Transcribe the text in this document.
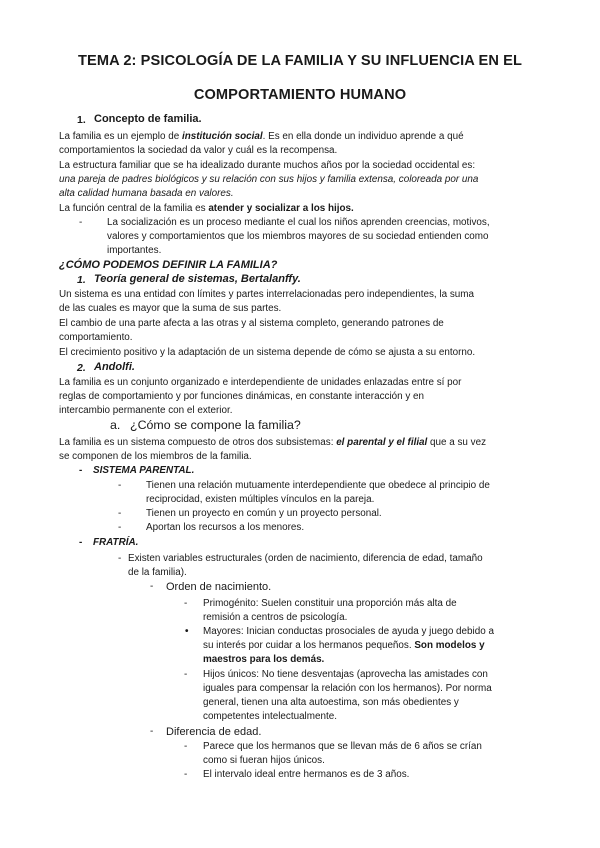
TEMA 2: PSICOLOGÍA DE LA FAMILIA Y SU INFLUENCIA EN EL
COMPORTAMIENTO HUMANO
1. Concepto de familia.
La familia es un ejemplo de institución social. Es en ella donde un individuo aprende a qué
comportamientos la sociedad da valor y cuál es la recompensa.
La estructura familiar que se ha idealizado durante muchos años por la sociedad occidental es:
una pareja de padres biológicos y su relación con sus hijos y familia extensa, coloreada por una
alta calidad humana basada en valores.
La función central de la familia es atender y socializar a los hijos.
- La socialización es un proceso mediante el cual los niños aprenden creencias, motivos,
valores y comportamientos que los miembros mayores de su sociedad entienden como
importantes.
¿CÓMO PODEMOS DEFINIR LA FAMILIA?
1. Teoría general de sistemas, Bertalanffy.
Un sistema es una entidad con límites y partes interrelacionadas pero independientes, la suma
de las cuales es mayor que la suma de sus partes.
El cambio de una parte afecta a las otras y al sistema completo, generando patrones de
comportamiento.
El crecimiento positivo y la adaptación de un sistema depende de cómo se ajusta a su entorno.
2. Andolfi.
La familia es un conjunto organizado e interdependiente de unidades enlazadas entre sí por
reglas de comportamiento y por funciones dinámicas, en constante interacción y en
intercambio permanente con el exterior.
a. ¿Cómo se compone la familia?
La familia es un sistema compuesto de otros dos subsistemas: el parental y el filial que a su vez
se componen de los miembros de la familia.
- SISTEMA PARENTAL.
- Tienen una relación mutuamente interdependiente que obedece al principio de
reciprocidad, existen múltiples vínculos en la pareja.
- Tienen un proyecto en común y un proyecto personal.
- Aportan los recursos a los menores.
- FRATRÍA.
- Existen variables estructurales (orden de nacimiento, diferencia de edad, tamaño
de la familia).
- Orden de nacimiento.
- Primogénito: Suelen constituir una proporción más alta de
remisión a centros de psicología.
• Mayores: Inician conductas prosociales de ayuda y juego debido a
su interés por cuidar a los hermanos pequeños. Son modelos y
maestros para los demás.
- Hijos únicos: No tiene desventajas (aprovecha las amistades con
iguales para compensar la relación con los hermanos). Por norma
general, tienen una alta autoestima, son más obedientes y
competentes intelectualmente.
- Diferencia de edad.
- Parece que los hermanos que se llevan más de 6 años se crían
como si fueran hijos únicos.
- El intervalo ideal entre hermanos es de 3 años.
